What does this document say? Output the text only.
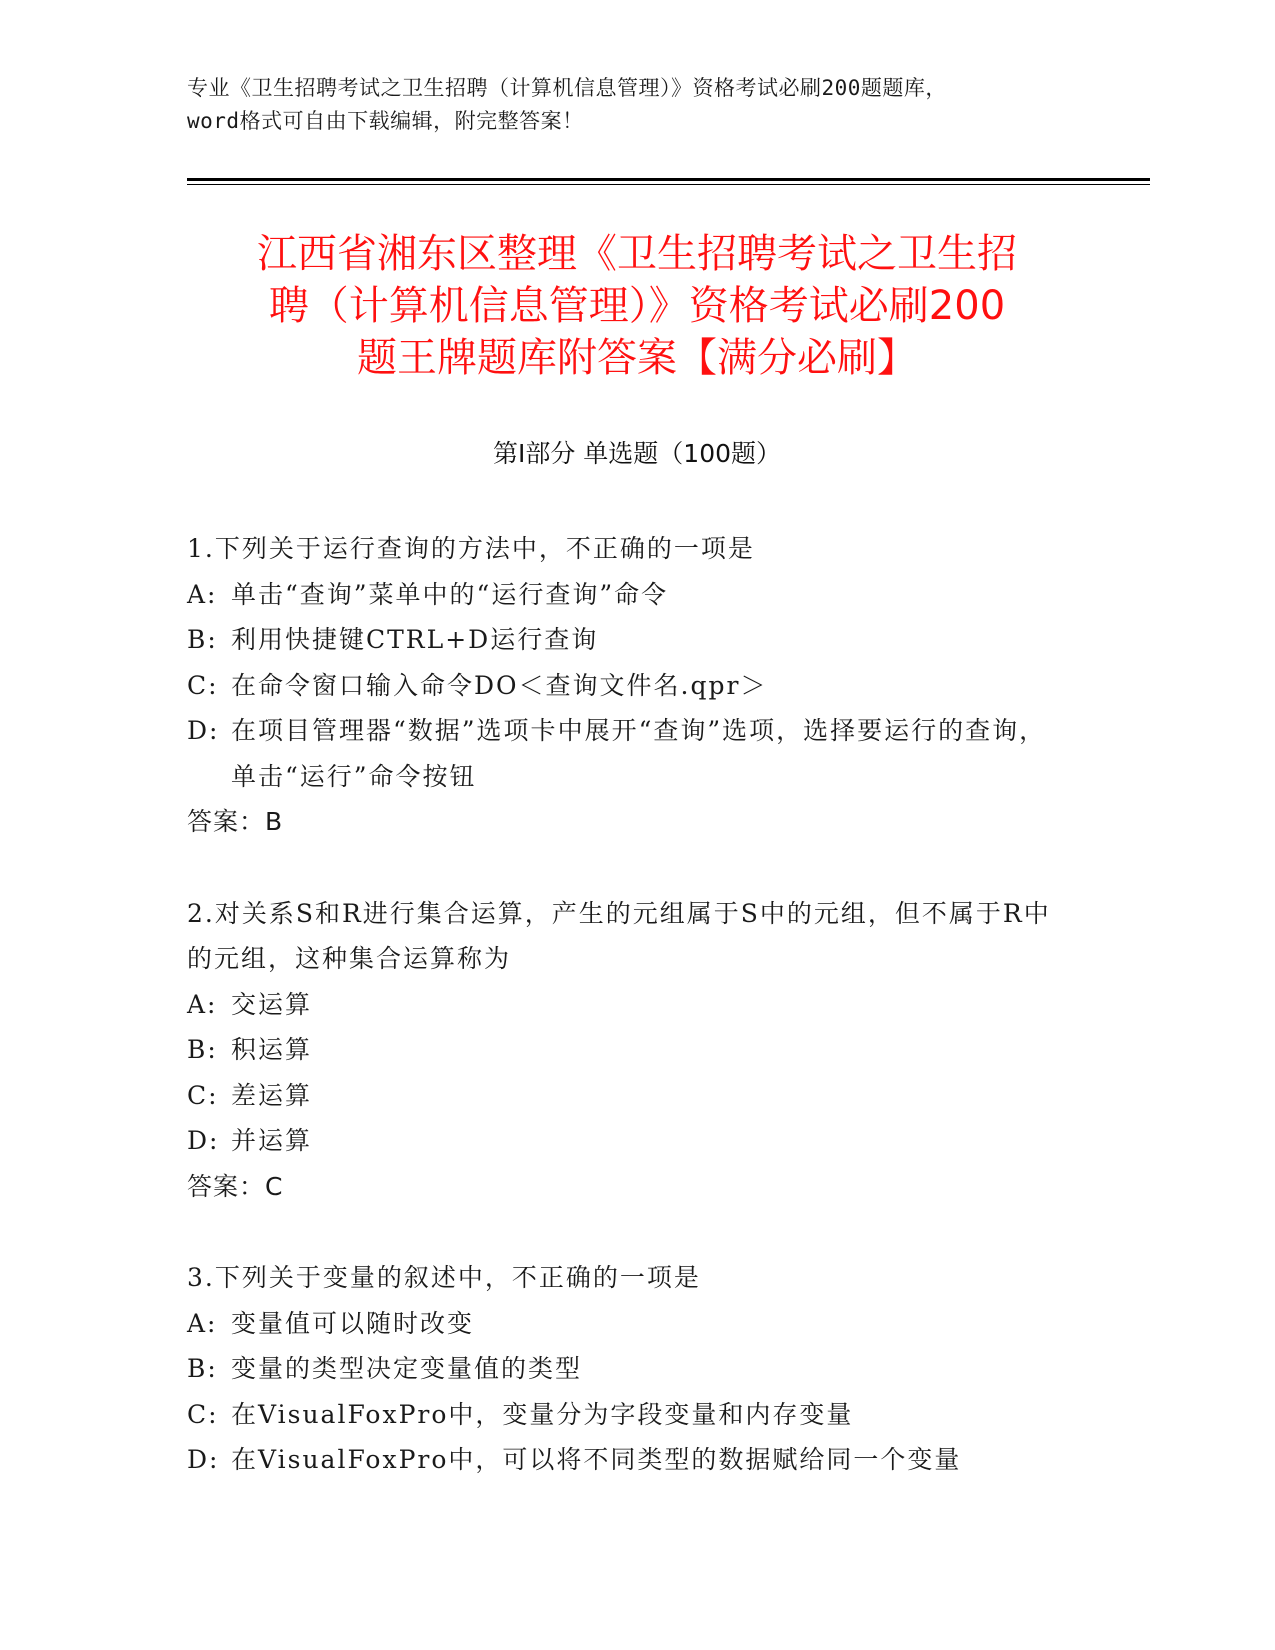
专业《卫生招聘考试之卫生招聘（计算机信息管理）》资格考试必刷200题题库，
word格式可自由下载编辑，附完整答案！
江西省湘东区整理《卫生招聘考试之卫生招
聘（计算机信息管理）》资格考试必刷200
题王牌题库附答案【满分必刷】
第Ⅰ部分 单选题（100题）

1.下列关于运行查询的方法中，不正确的一项是

A: 单击“查询”菜单中的“运行查询”命令

B: 利用快捷键CTRL+D运行查询

C: 在命令窗口输入命令DO＜查询文件名.qpr＞

D: 在项目管理器“数据”选项卡中展开“查询”选项，选择要运行的查询，单击“运行”命令按钮

答案：B

2.对关系S和R进行集合运算，产生的元组属于S中的元组，但不属于R中的元组，这种集合运算称为

A: 交运算

B: 积运算

C: 差运算

D: 并运算

答案：C

3.下列关于变量的叙述中，不正确的一项是

A: 变量值可以随时改变

B: 变量的类型决定变量值的类型

C: 在VisualFoxPro中，变量分为字段变量和内存变量

D: 在VisualFoxPro中，可以将不同类型的数据赋给同一个变量
